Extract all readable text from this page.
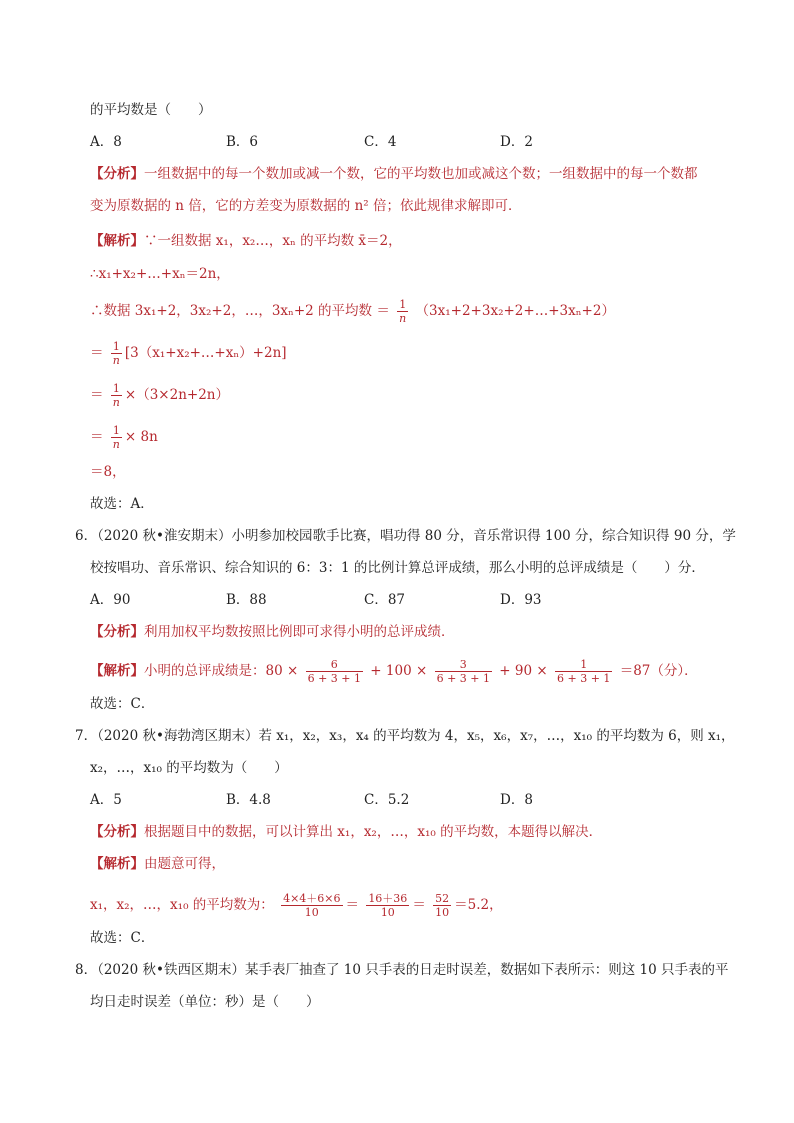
的平均数是（　　）
A．8	B．6	C．4	D．2
【分析】一组数据中的每一个数加或减一个数，它的平均数也加或减这个数；一组数据中的每一个数都
变为原数据的 n 倍，它的方差变为原数据的 n² 倍；依此规律求解即可．
【解析】∵一组数据 x₁，x₂…，xₙ 的平均数 x̄＝2，
∴x₁+x₂+…+xₙ＝2n，
∴数据 3x₁+2，3x₂+2，…，3xₙ+2 的平均数 ＝ $\frac{1}{n}$ （3x₁+2+3x₂+2+…+3xₙ+2）
＝ $\frac{1}{n}$ [3（x₁+x₂+…+xₙ）+2n]
＝ $\frac{1}{n} \times(3\times 2n+2n)$
＝ $\frac{1}{n} \times 8n$
＝8，
故选：A．
6．（2020 秋•淮安期末）小明参加校园歌手比赛，唱功得 80 分，音乐常识得 100 分，综合知识得 90 分，学
校按唱功、音乐常识、综合知识的 6：3：1 的比例计算总评成绩，那么小明的总评成绩是（　　）分．
A．90	B．88	C．87	D．93
【分析】利用加权平均数按照比例即可求得小明的总评成绩．
【解析】小明的总评成绩是：$80 \times \frac{6}{6 + 3 + 1} + 100 \times \frac{3}{6 + 3 + 1} + 90 \times \frac{1}{6 + 3 + 1} =87$（分）．
故选：C．
7．（2020 秋•海勃湾区期末）若 x₁，x₂，x₃，x₄ 的平均数为 4，x₅，x₆，x₇，…，x₁₀ 的平均数为 6，则 x₁，
x₂，…，x₁₀ 的平均数为（　　）
A．5	B．4.8	C．5.2	D．8
【分析】根据题目中的数据，可以计算出 x₁，x₂，…，x₁₀ 的平均数，本题得以解决．
【解析】由题意可得，
x₁，x₂，…，x₁₀ 的平均数为： $\frac{4\times 4+6\times 6}{10} = \frac{16+36}{10} = \frac{52}{10} =5.2$，
故选：C．
8．（2020 秋•铁西区期末）某手表厂抽查了 10 只手表的日走时误差，数据如下表所示：则这 10 只手表的平
均日走时误差（单位：秒）是（　　）
